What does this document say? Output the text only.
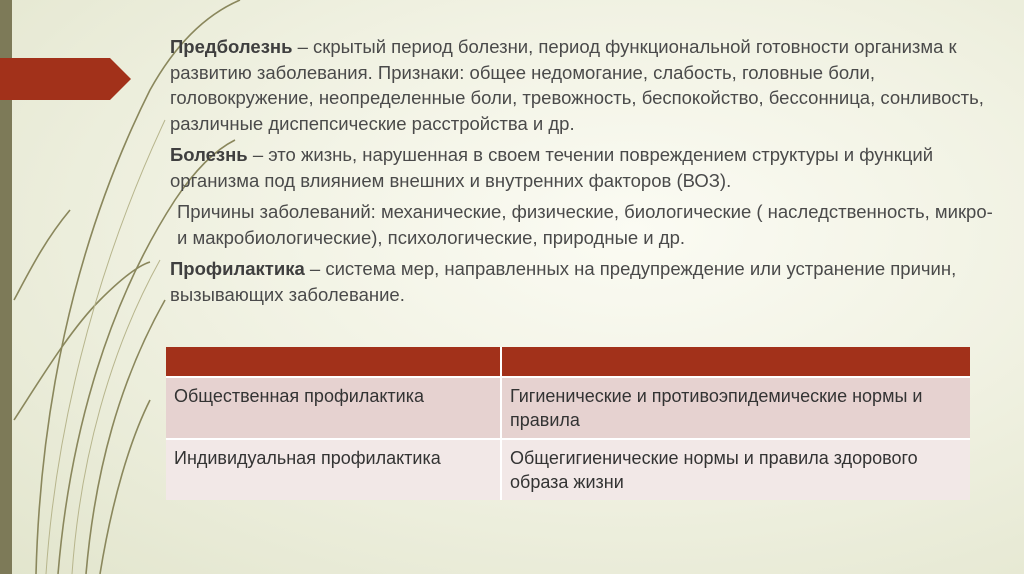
Предболезнь – скрытый период болезни, период функциональной готовности организма к развитию заболевания. Признаки: общее недомогание, слабость, головные боли, головокружение, неопределенные боли, тревожность, беспокойство, бессонница, сонливость, различные диспепсические расстройства и др.

Болезнь – это жизнь, нарушенная в своем течении повреждением структуры и функций организма под влиянием внешних и внутренних факторов (ВОЗ).

Причины заболеваний: механические, физические, биологические ( наследственность, микро- и макробиологические), психологические, природные и др.

Профилактика – система мер, направленных на предупреждение или устранение причин, вызывающих заболевание.

Общественная профилактика	Гигиенические и противоэпидемические нормы и правила
Индивидуальная профилактика	Общегигиенические нормы и правила здорового образа жизни
